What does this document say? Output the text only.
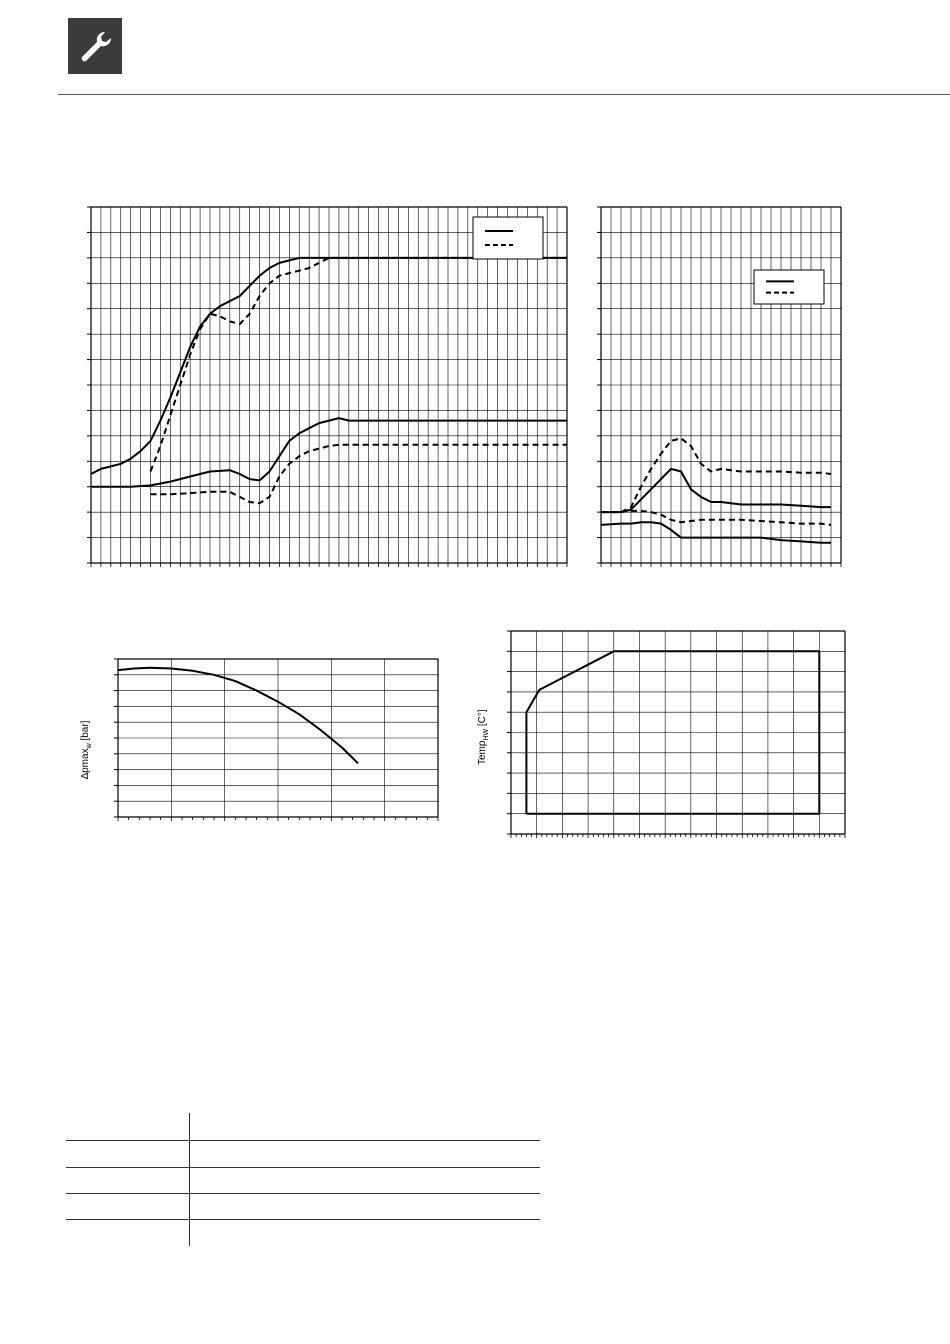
∆pmax$_w$ [bar]
Temp$_{HW}$ [C°]
